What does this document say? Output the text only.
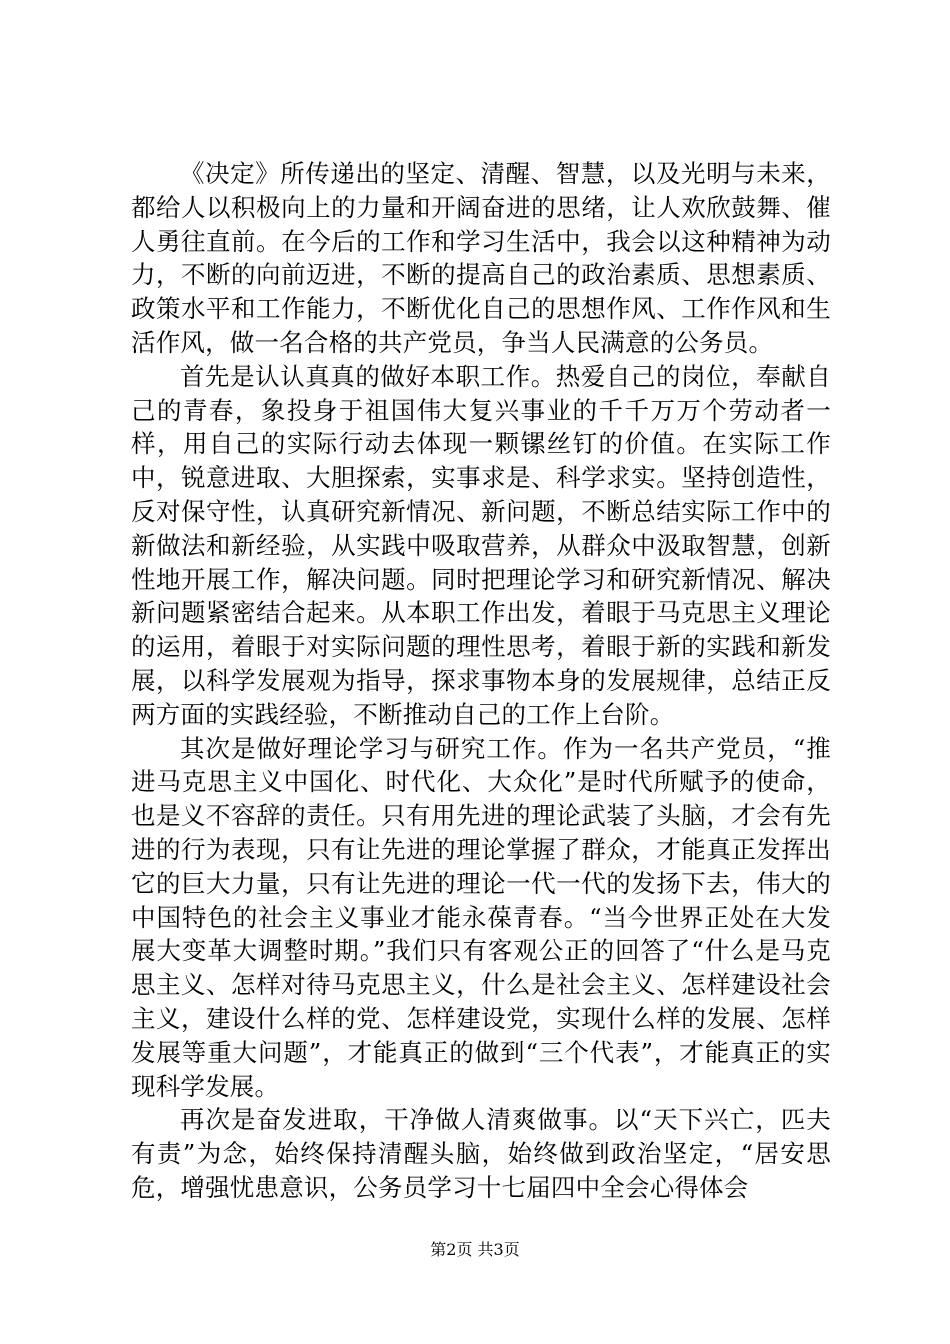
《决定》所传递出的坚定、清醒、智慧，以及光明与未来，都给人以积极向上的力量和开阔奋进的思绪，让人欢欣鼓舞、催人勇往直前。在今后的工作和学习生活中，我会以这种精神为动力，不断的向前迈进，不断的提高自己的政治素质、思想素质、政策水平和工作能力，不断优化自己的思想作风、工作作风和生活作风，做一名合格的共产党员，争当人民满意的公务员。

首先是认认真真的做好本职工作。热爱自己的岗位，奉献自己的青春，象投身于祖国伟大复兴事业的千千万万个劳动者一样，用自己的实际行动去体现一颗镙丝钉的价值。在实际工作中，锐意进取、大胆探索，实事求是、科学求实。坚持创造性，反对保守性，认真研究新情况、新问题，不断总结实际工作中的新做法和新经验，从实践中吸取营养，从群众中汲取智慧，创新性地开展工作，解决问题。同时把理论学习和研究新情况、解决新问题紧密结合起来。从本职工作出发，着眼于马克思主义理论的运用，着眼于对实际问题的理性思考，着眼于新的实践和新发展，以科学发展观为指导，探求事物本身的发展规律，总结正反两方面的实践经验，不断推动自己的工作上台阶。

其次是做好理论学习与研究工作。作为一名共产党员，“推进马克思主义中国化、时代化、大众化”是时代所赋予的使命，也是义不容辞的责任。只有用先进的理论武装了头脑，才会有先进的行为表现，只有让先进的理论掌握了群众，才能真正发挥出它的巨大力量，只有让先进的理论一代一代的发扬下去，伟大的中国特色的社会主义事业才能永葆青春。“当今世界正处在大发展大变革大调整时期。”我们只有客观公正的回答了“什么是马克思主义、怎样对待马克思主义，什么是社会主义、怎样建设社会主义，建设什么样的党、怎样建设党，实现什么样的发展、怎样发展等重大问题”，才能真正的做到“三个代表”，才能真正的实现科学发展。

再次是奋发进取，干净做人清爽做事。以“天下兴亡，匹夫有责”为念，始终保持清醒头脑，始终做到政治坚定，“居安思危，增强忧患意识，公务员学习十七届四中全会心得体会

第2页 共3页
